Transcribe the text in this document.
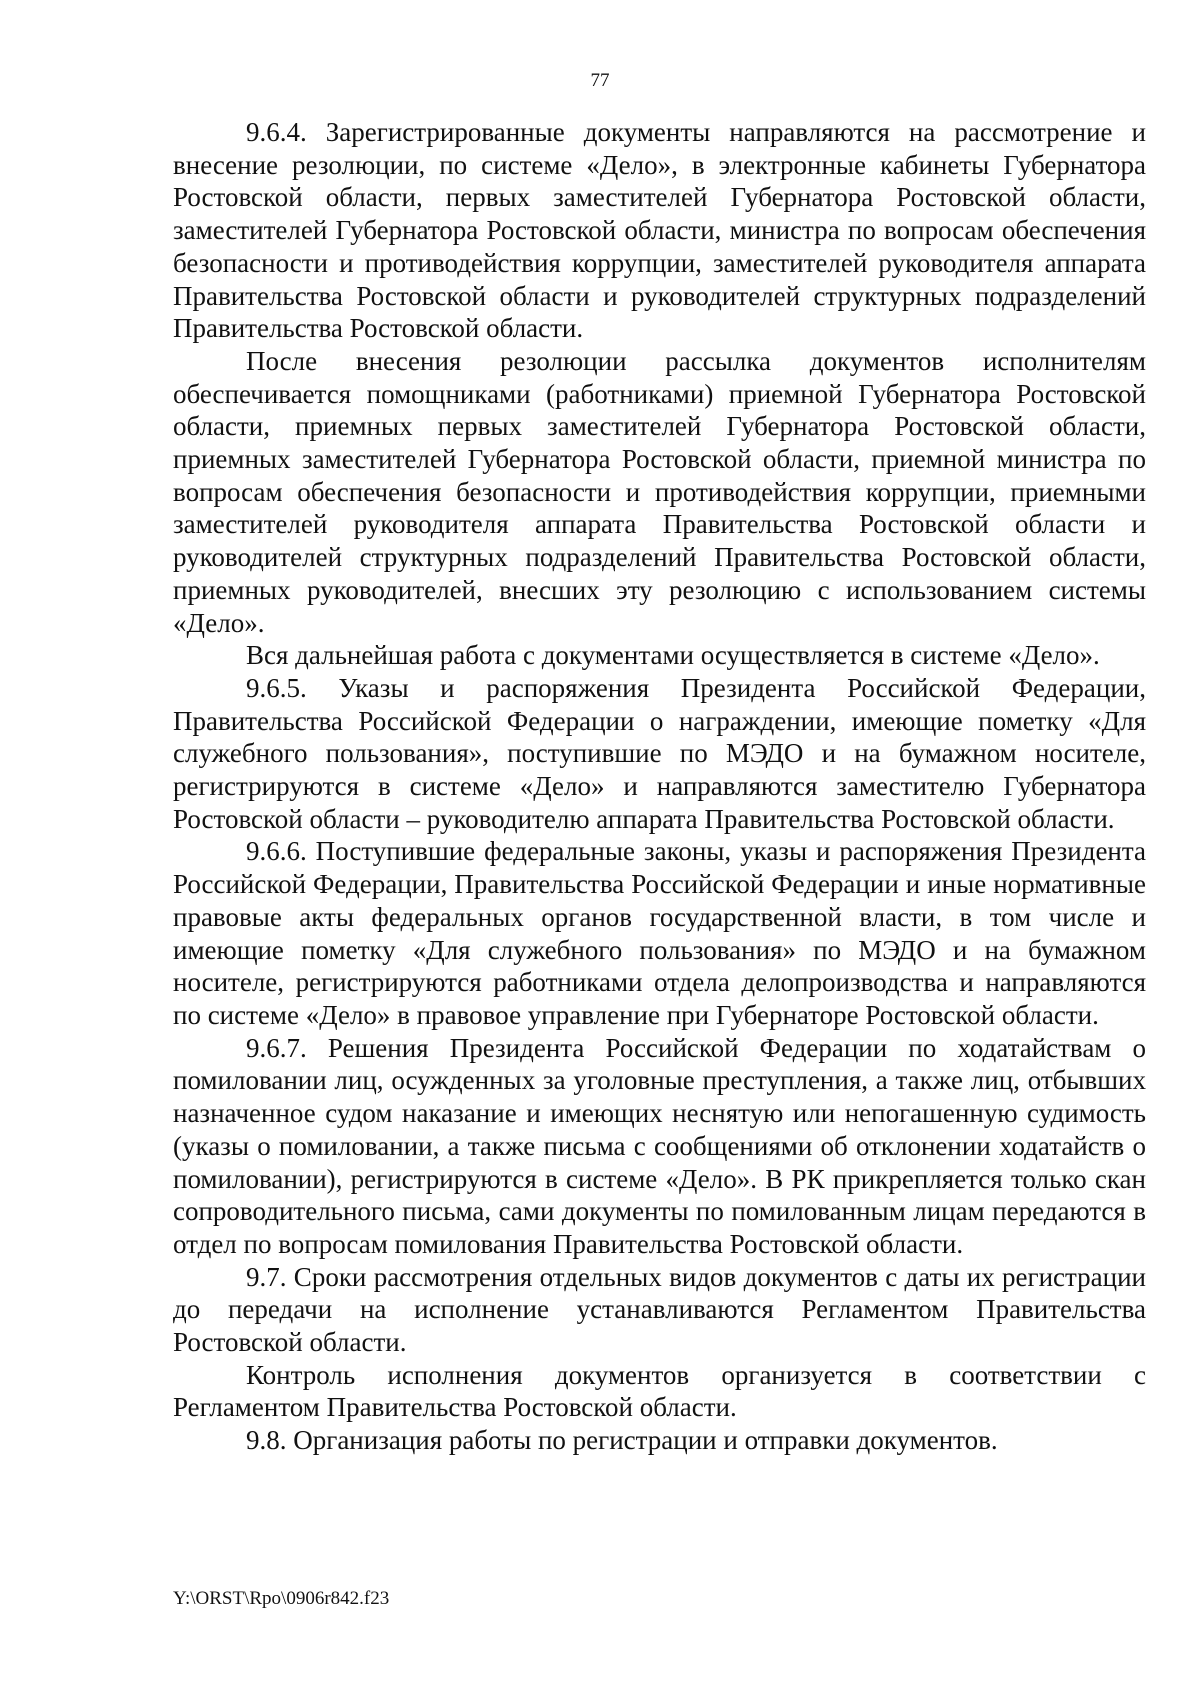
77

9.6.4. Зарегистрированные документы направляются на рассмотрение и внесение резолюции, по системе «Дело», в электронные кабинеты Губернатора Ростовской области, первых заместителей Губернатора Ростовской области, заместителей Губернатора Ростовской области, министра по вопросам обеспечения безопасности и противодействия коррупции, заместителей руководителя аппарата Правительства Ростовской области и руководителей структурных подразделений Правительства Ростовской области.

После внесения резолюции рассылка документов исполнителям обеспечивается помощниками (работниками) приемной Губернатора Ростовской области, приемных первых заместителей Губернатора Ростовской области, приемных заместителей Губернатора Ростовской области, приемной министра по вопросам обеспечения безопасности и противодействия коррупции, приемными заместителей руководителя аппарата Правительства Ростовской области и руководителей структурных подразделений Правительства Ростовской области, приемных руководителей, внесших эту резолюцию с использованием системы «Дело».

Вся дальнейшая работа с документами осуществляется в системе «Дело».

9.6.5. Указы и распоряжения Президента Российской Федерации, Правительства Российской Федерации о награждении, имеющие пометку «Для служебного пользования», поступившие по МЭДО и на бумажном носителе, регистрируются в системе «Дело» и направляются заместителю Губернатора Ростовской области – руководителю аппарата Правительства Ростовской области.

9.6.6. Поступившие федеральные законы, указы и распоряжения Президента Российской Федерации, Правительства Российской Федерации и иные нормативные правовые акты федеральных органов государственной власти, в том числе и имеющие пометку «Для служебного пользования» по МЭДО и на бумажном носителе, регистрируются работниками отдела делопроизводства и направляются по системе «Дело» в правовое управление при Губернаторе Ростовской области.

9.6.7. Решения Президента Российской Федерации по ходатайствам о помиловании лиц, осужденных за уголовные преступления, а также лиц, отбывших назначенное судом наказание и имеющих неснятую или непогашенную судимость (указы о помиловании, а также письма с сообщениями об отклонении ходатайств о помиловании), регистрируются в системе «Дело». В РК прикрепляется только скан сопроводительного письма, сами документы по помилованным лицам передаются в отдел по вопросам помилования Правительства Ростовской области.

9.7. Сроки рассмотрения отдельных видов документов с даты их регистрации до передачи на исполнение устанавливаются Регламентом Правительства Ростовской области.

Контроль исполнения документов организуется в соответствии с Регламентом Правительства Ростовской области.

9.8. Организация работы по регистрации и отправки документов.

Y:\ORST\Rpo\0906r842.f23
